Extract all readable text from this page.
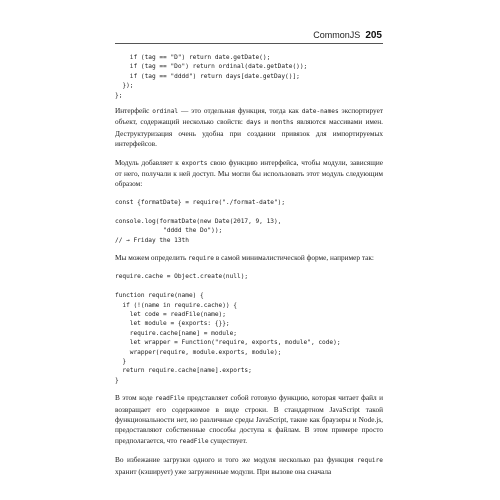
CommonJS 205
if (tag == "D") return date.getDate();
if (tag == "Do") return ordinal(date.getDate());
if (tag == "dddd") return days[date.getDay()];
});
};

Интерфейс ordinal — это отдельная функция, тогда как date-names экспортирует объект, содержащий несколько свойств: days и months являются массивами имен. Деструктуризация очень удобна при создании привязок для импортируемых интерфейсов.

Модуль добавляет к exports свою функцию интерфейса, чтобы модули, зависящие от него, получали к ней доступ. Мы могли бы использовать этот модуль следующим образом:

const {formatDate} = require("./format-date");

console.log(formatDate(new Date(2017, 9, 13),
"dddd the Do"));
// → Friday the 13th

Мы можем определить require в самой минималистической форме, например так:

require.cache = Object.create(null);

function require(name) {
if (!(name in require.cache)) {
let code = readFile(name);
let module = {exports: {}};
require.cache[name] = module;
let wrapper = Function("require, exports, module", code);
wrapper(require, module.exports, module);
}
return require.cache[name].exports;
}

В этом коде readFile представляет собой готовую функцию, которая читает файл и возвращает его содержимое в виде строки. В стандартном JavaScript такой функциональности нет, но различные среды JavaScript, такие как браузеры и Node.js, предоставляют собственные способы доступа к файлам. В этом примере просто предполагается, что readFile существует.

Во избежание загрузки одного и того же модуля несколько раз функция require хранит (кэширует) уже загруженные модули. При вызове она сначала
